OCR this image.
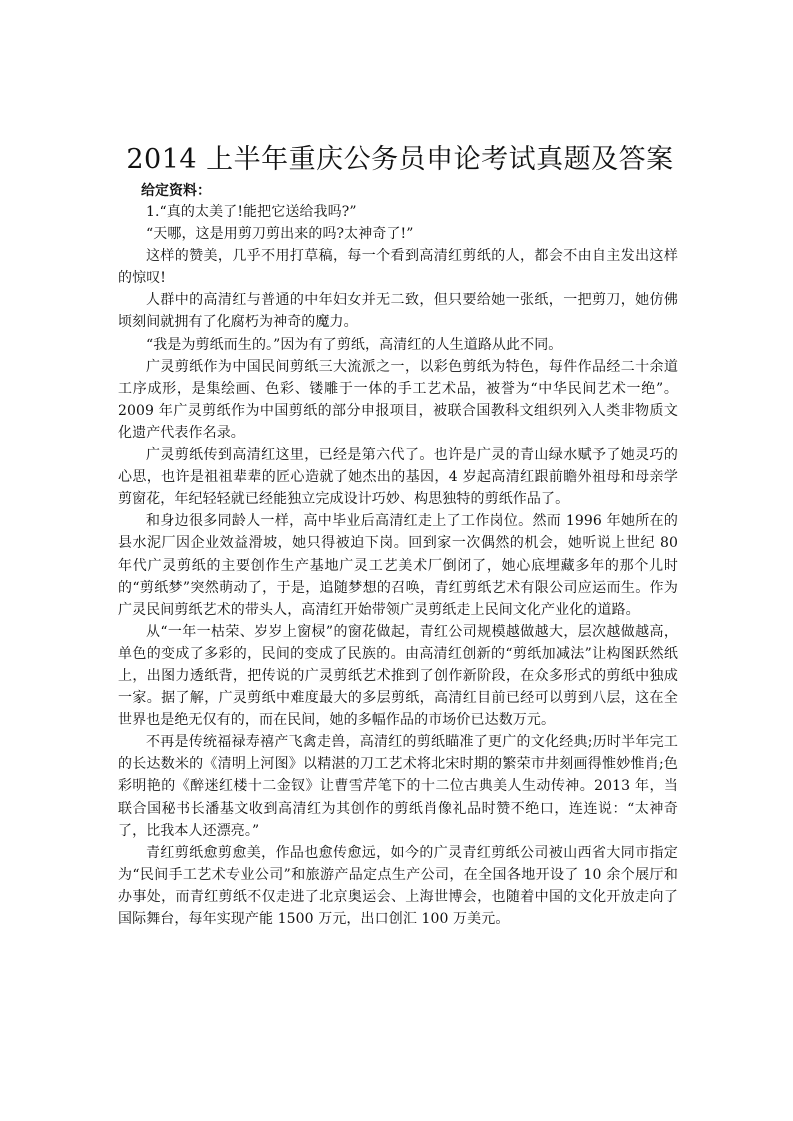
2014 上半年重庆公务员申论考试真题及答案
给定资料：

1.“真的太美了!能把它送给我吗?”

“天哪，这是用剪刀剪出来的吗?太神奇了!”

这样的赞美，几乎不用打草稿，每一个看到高清红剪纸的人，都会不由自主发出这样的惊叹!

人群中的高清红与普通的中年妇女并无二致，但只要给她一张纸，一把剪刀，她仿佛顷刻间就拥有了化腐朽为神奇的魔力。

“我是为剪纸而生的。”因为有了剪纸，高清红的人生道路从此不同。

广灵剪纸作为中国民间剪纸三大流派之一，以彩色剪纸为特色，每件作品经二十余道工序成形，是集绘画、色彩、镂雕于一体的手工艺术品，被誉为“中华民间艺术一绝”。2009 年广灵剪纸作为中国剪纸的部分申报项目，被联合国教科文组织列入人类非物质文化遗产代表作名录。

广灵剪纸传到高清红这里，已经是第六代了。也许是广灵的青山绿水赋予了她灵巧的心思，也许是祖祖辈辈的匠心造就了她杰出的基因，4 岁起高清红跟前瞻外祖母和母亲学剪窗花，年纪轻轻就已经能独立完成设计巧妙、构思独特的剪纸作品了。

和身边很多同龄人一样，高中毕业后高清红走上了工作岗位。然而 1996 年她所在的县水泥厂因企业效益滑坡，她只得被迫下岗。回到家一次偶然的机会，她听说上世纪 80 年代广灵剪纸的主要创作生产基地广灵工艺美术厂倒闭了，她心底埋藏多年的那个儿时的“剪纸梦”突然萌动了，于是，追随梦想的召唤，青红剪纸艺术有限公司应运而生。作为广灵民间剪纸艺术的带头人，高清红开始带领广灵剪纸走上民间文化产业化的道路。

从“一年一枯荣、岁岁上窗棂”的窗花做起，青红公司规模越做越大，层次越做越高，单色的变成了多彩的，民间的变成了民族的。由高清红创新的“剪纸加减法”让构图跃然纸上，出图力透纸背，把传说的广灵剪纸艺术推到了创作新阶段，在众多形式的剪纸中独成一家。据了解，广灵剪纸中难度最大的多层剪纸，高清红目前已经可以剪到八层，这在全世界也是绝无仅有的，而在民间，她的多幅作品的市场价已达数万元。

不再是传统福禄寿禧产飞禽走兽，高清红的剪纸瞄准了更广的文化经典;历时半年完工的长达数米的《清明上河图》以精湛的刀工艺术将北宋时期的繁荣市井刻画得惟妙惟肖;色彩明艳的《醉迷红楼十二金钗》让曹雪芹笔下的十二位古典美人生动传神。2013 年，当联合国秘书长潘基文收到高清红为其创作的剪纸肖像礼品时赞不绝口，连连说：“太神奇了，比我本人还漂亮。”

青红剪纸愈剪愈美，作品也愈传愈远，如今的广灵青红剪纸公司被山西省大同市指定为“民间手工艺术专业公司”和旅游产品定点生产公司，在全国各地开设了 10 余个展厅和办事处，而青红剪纸不仅走进了北京奥运会、上海世博会，也随着中国的文化开放走向了国际舞台，每年实现产能 1500 万元，出口创汇 100 万美元。
